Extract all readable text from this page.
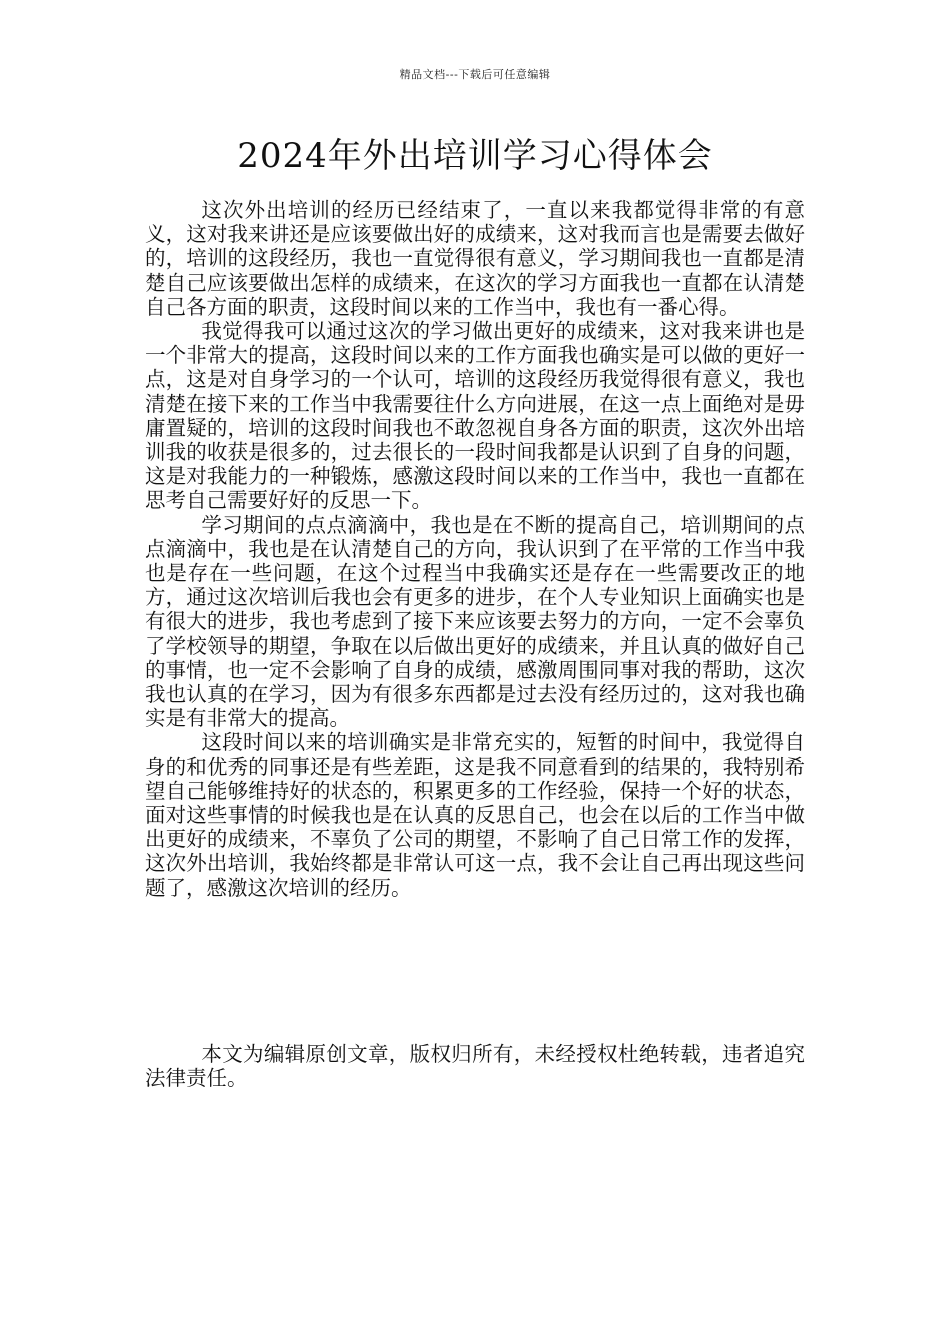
精品文档---下载后可任意编辑
2024年外出培训学习心得体会

这次外出培训的经历已经结束了，一直以来我都觉得非常的有意义，这对我来讲还是应该要做出好的成绩来，这对我而言也是需要去做好的，培训的这段经历，我也一直觉得很有意义，学习期间我也一直都是清楚自己应该要做出怎样的成绩来，在这次的学习方面我也一直都在认清楚自己各方面的职责，这段时间以来的工作当中，我也有一番心得。

我觉得我可以通过这次的学习做出更好的成绩来，这对我来讲也是一个非常大的提高，这段时间以来的工作方面我也确实是可以做的更好一点，这是对自身学习的一个认可，培训的这段经历我觉得很有意义，我也清楚在接下来的工作当中我需要往什么方向进展，在这一点上面绝对是毋庸置疑的，培训的这段时间我也不敢忽视自身各方面的职责，这次外出培训我的收获是很多的，过去很长的一段时间我都是认识到了自身的问题，这是对我能力的一种锻炼，感激这段时间以来的工作当中，我也一直都在思考自己需要好好的反思一下。

学习期间的点点滴滴中，我也是在不断的提高自己，培训期间的点点滴滴中，我也是在认清楚自己的方向，我认识到了在平常的工作当中我也是存在一些问题，在这个过程当中我确实还是存在一些需要改正的地方，通过这次培训后我也会有更多的进步，在个人专业知识上面确实也是有很大的进步，我也考虑到了接下来应该要去努力的方向，一定不会辜负了学校领导的期望，争取在以后做出更好的成绩来，并且认真的做好自己的事情，也一定不会影响了自身的成绩，感激周围同事对我的帮助，这次我也认真的在学习，因为有很多东西都是过去没有经历过的，这对我也确实是有非常大的提高。

这段时间以来的培训确实是非常充实的，短暂的时间中，我觉得自身的和优秀的同事还是有些差距，这是我不同意看到的结果的，我特别希望自己能够维持好的状态的，积累更多的工作经验，保持一个好的状态，面对这些事情的时候我也是在认真的反思自己，也会在以后的工作当中做出更好的成绩来，不辜负了公司的期望，不影响了自己日常工作的发挥，这次外出培训，我始终都是非常认可这一点，我不会让自己再出现这些问题了，感激这次培训的经历。

本文为编辑原创文章，版权归所有，未经授权杜绝转载，违者追究法律责任。
